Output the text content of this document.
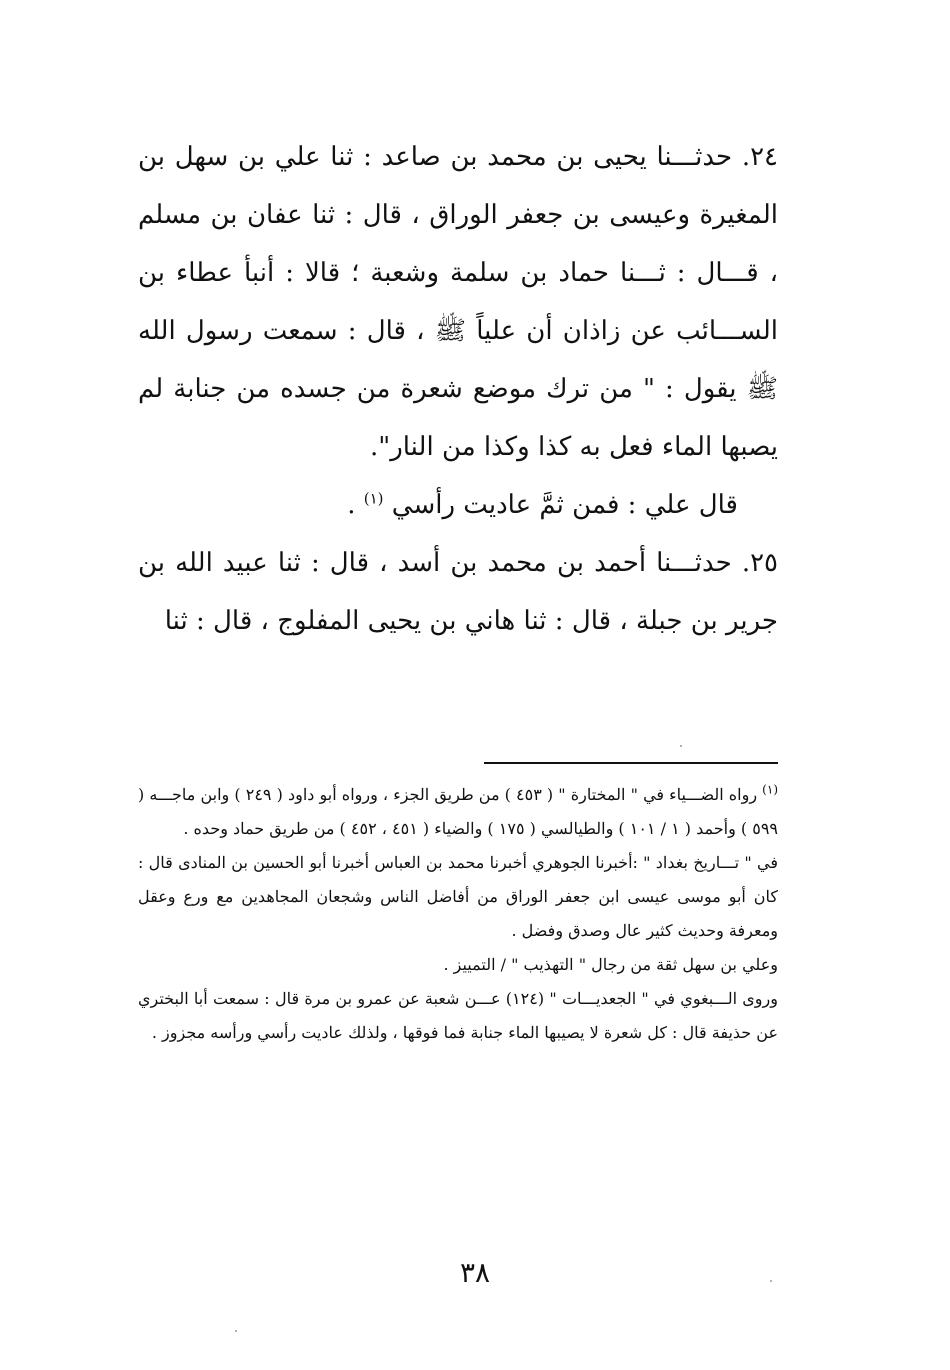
٢٤. حدثـــنا يحيى بن محمد بن صاعد : ثنا علي بن سهل بن المغيرة وعيسى بن جعفر الوراق ، قال : ثنا عفان بن مسلم ، قـــال : ثـــنا حماد بن سلمة وشعبة ؛ قالا : أنبأ عطاء بن الســـائب عن زاذان أن علياً ﷺ ، قال : سمعت رسول الله ﷺ يقول : " من ترك موضع شعرة من جسده من جنابة لم يصبها الماء فعل به كذا وكذا من النار".

قال علي : فمن ثمَّ عاديت رأسي $^{(١)}$ .

٢٥. حدثـــنا أحمد بن محمد بن أسد ، قال : ثنا عبيد الله بن جرير بن جبلة ، قال : ثنا هاني بن يحيى المفلوج ، قال : ثنا

$^{(١)}$ رواه الضـــياء في " المختارة " ( ٤٥٣ ) من طريق الجزء ، ورواه أبو داود ( ٢٤٩ ) وابن ماجـــه ( ٥٩٩ ) وأحمد ( ١ / ١٠١ ) والطيالسي ( ١٧٥ ) والضياء ( ٤٥١ ، ٤٥٢ ) من طريق حماد وحده .

في " تـــاريخ بغداد " :أخبرنا الجوهري أخبرنا محمد بن العباس أخبرنا أبو الحسين بن المنادى قال : كان أبو موسى عيسى ابن جعفر الوراق من أفاضل الناس وشجعان المجاهدين مع ورع وعقل ومعرفة وحديث كثير عال وصدق وفضل .

وعلي بن سهل ثقة من رجال " التهذيب " / التمييز .

وروى الـــبغوي في " الجعديـــات " (١٢٤) عـــن شعبة عن عمرو بن مرة قال : سمعت أبا البختري عن حذيفة قال : كل شعرة لا يصيبها الماء جنابة فما فوقها ، ولذلك عاديت رأسي ورأسه مجزوز .

٣٨
